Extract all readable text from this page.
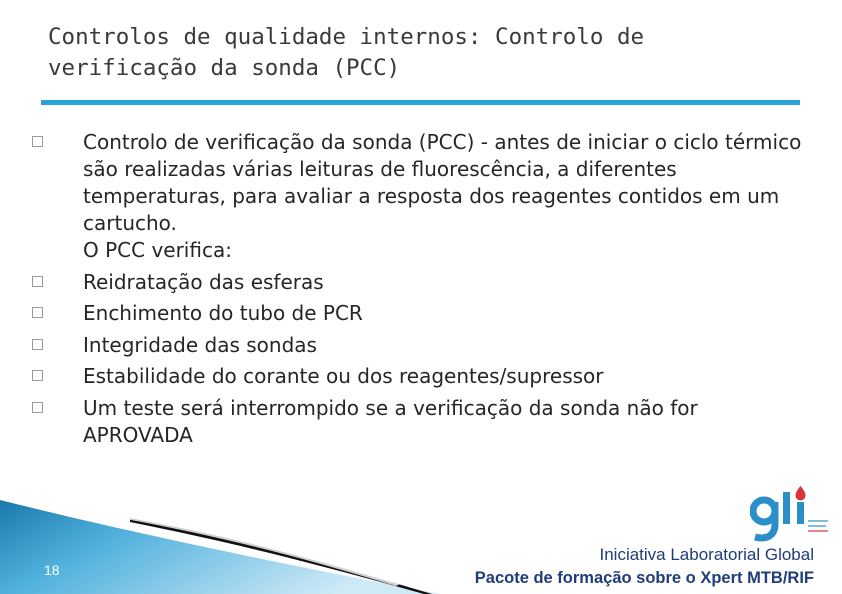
Controlos de qualidade internos: Controlo de verificação da sonda (PCC)
Controlo de verificação da sonda (PCC) - antes de iniciar o ciclo térmico são realizadas várias leituras de fluorescência, a diferentes temperaturas, para avaliar a resposta dos reagentes contidos em um cartucho.
O PCC verifica:
Reidratação das esferas
Enchimento do tubo de PCR
Integridade das sondas
Estabilidade do corante ou dos reagentes/supressor
Um teste será interrompido se a verificação da sonda não for APROVADA
18
Iniciativa Laboratorial Global
Pacote de formação sobre o Xpert MTB/RIF
